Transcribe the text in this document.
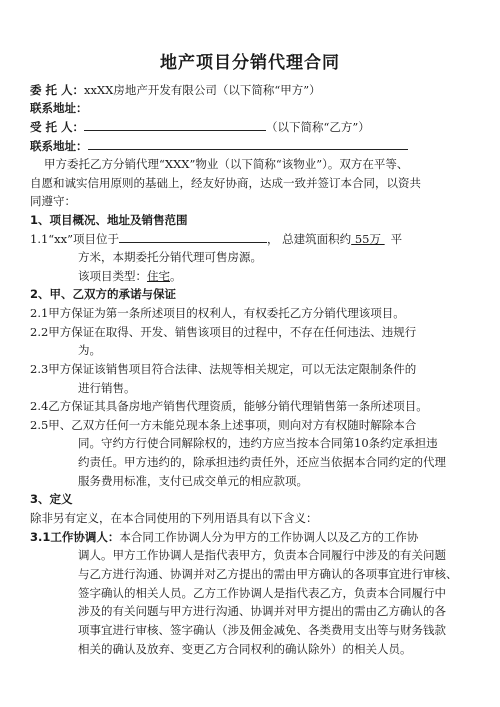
地产项目分销代理合同
委 托 人：xxXX房地产开发有限公司（以下简称“甲方”）
联系地址：
受 托 人：	（以下简称“乙方”）
联系地址：
甲方委托乙方分销代理“XXX”物业（以下简称“该物业”）。双方在平等、
自愿和诚实信用原则的基础上，经友好协商，达成一致并签订本合同，以资共
同遵守：
1、项目概况、地址及销售范围
1.1“xx”项目位于	， 总建筑面积约 55万 平
方米，本期委托分销代理可售房源。
该项目类型：住宅。
2、甲、乙双方的承诺与保证
2.1甲方保证为第一条所述项目的权利人，有权委托乙方分销代理该项目。
2.2甲方保证在取得、开发、销售该项目的过程中，不存在任何违法、违规行
为。
2.3甲方保证该销售项目符合法律、法规等相关规定，可以无法定限制条件的
进行销售。
2.4乙方保证其具备房地产销售代理资质，能够分销代理销售第一条所述项目。
2.5甲、乙双方任何一方未能兑现本条上述事项，则向对方有权随时解除本合
同。守约方行使合同解除权的，违约方应当按本合同第10条约定承担违
约责任。甲方违约的，除承担违约责任外，还应当依据本合同约定的代理
服务费用标准，支付已成交单元的相应款项。
3、定义
除非另有定义，在本合同使用的下列用语具有以下含义：
3.1工作协调人：本合同工作协调人分为甲方的工作协调人以及乙方的工作协
调人。甲方工作协调人是指代表甲方，负责本合同履行中涉及的有关问题
与乙方进行沟通、协调并对乙方提出的需由甲方确认的各项事宜进行审核、
签字确认的相关人员。乙方工作协调人是指代表乙方，负责本合同履行中
涉及的有关问题与甲方进行沟通、协调并对甲方提出的需由乙方确认的各
项事宜进行审核、签字确认（涉及佣金减免、各类费用支出等与财务钱款
相关的确认及放弃、变更乙方合同权利的确认除外）的相关人员。
